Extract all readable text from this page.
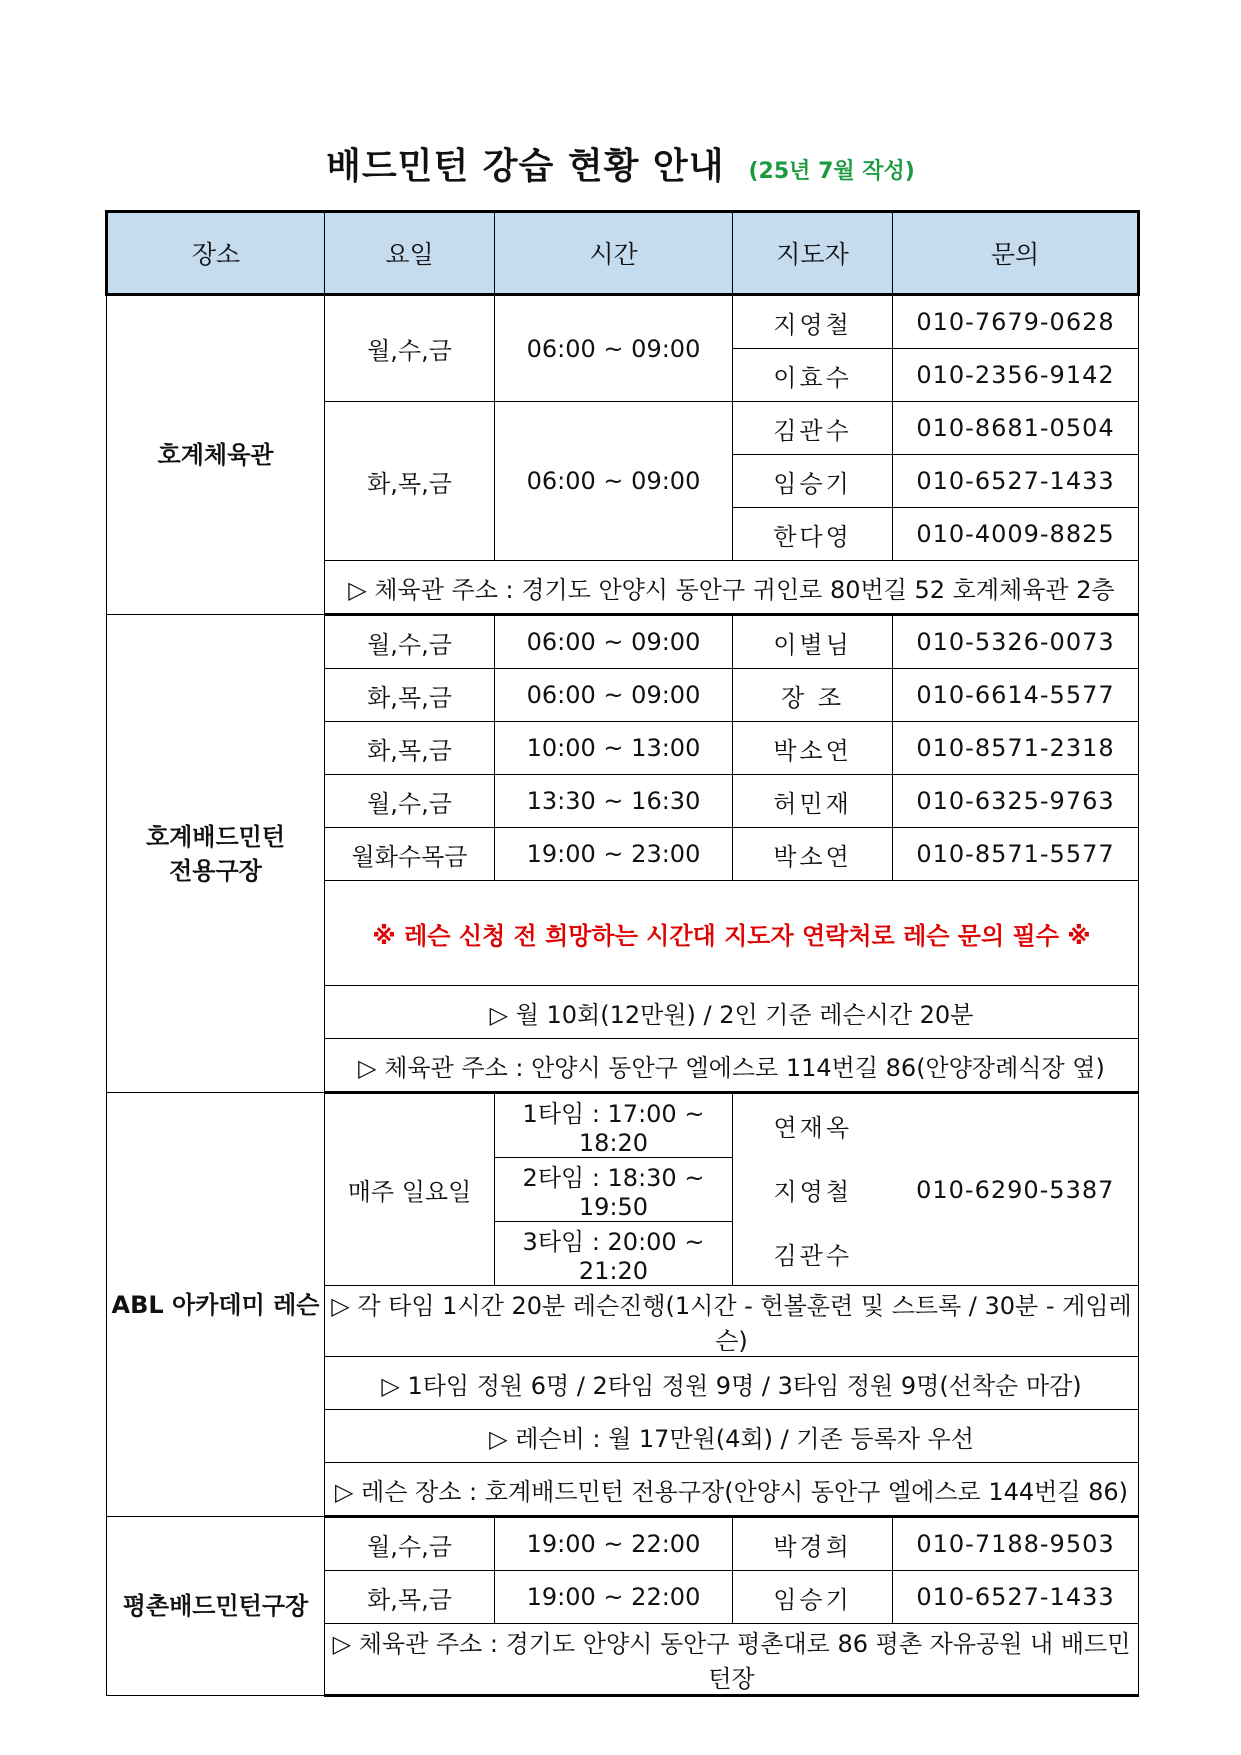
배드민턴 강습 현황 안내 (25년 7월 작성)
장소	요일	시간	지도자	문의
호계체육관	월,수,금	06:00 ~ 09:00	지영철	010-7679-0628
			이효수	010-2356-9142
	화,목,금	06:00 ~ 09:00	김관수	010-8681-0504
			임승기	010-6527-1433
			한다영	010-4009-8825
	▷ 체육관 주소 : 경기도 안양시 동안구 귀인로 80번길 52 호계체육관 2층			
호계배드민턴
전용구장	월,수,금	06:00 ~ 09:00	이별님	010-5326-0073
	화,목,금	06:00 ~ 09:00	장 조	010-6614-5577
	화,목,금	10:00 ~ 13:00	박소연	010-8571-2318
	월,수,금	13:30 ~ 16:30	허민재	010-6325-9763
	월화수목금	19:00 ~ 23:00	박소연	010-8571-5577
	※ 레슨 신청 전 희망하는 시간대 지도자 연락처로 레슨 문의 필수 ※			
	▷ 월 10회(12만원) / 2인 기준 레슨시간 20분			
	▷ 체육관 주소 : 안양시 동안구 엘에스로 114번길 86(안양장례식장 옆)			
ABL 아카데미 레슨	매주 일요일	1타임 : 17:00 ~ 18:20	연재옥	010-6290-5387
		2타임 : 18:30 ~ 19:50	지영철	
		3타임 : 20:00 ~ 21:20	김관수	
	▷ 각 타임 1시간 20분 레슨진행(1시간 - 헌볼훈련 및 스트록 / 30분 - 게임레슨)			
	▷ 1타임 정원 6명 / 2타임 정원 9명 / 3타임 정원 9명(선착순 마감)			
	▷ 레슨비 : 월 17만원(4회) / 기존 등록자 우선			
	▷ 레슨 장소 : 호계배드민턴 전용구장(안양시 동안구 엘에스로 144번길 86)			
평촌배드민턴구장	월,수,금	19:00 ~ 22:00	박경희	010-7188-9503
	화,목,금	19:00 ~ 22:00	임승기	010-6527-1433
	▷ 체육관 주소 : 경기도 안양시 동안구 평촌대로 86 평촌 자유공원 내 배드민턴장			
